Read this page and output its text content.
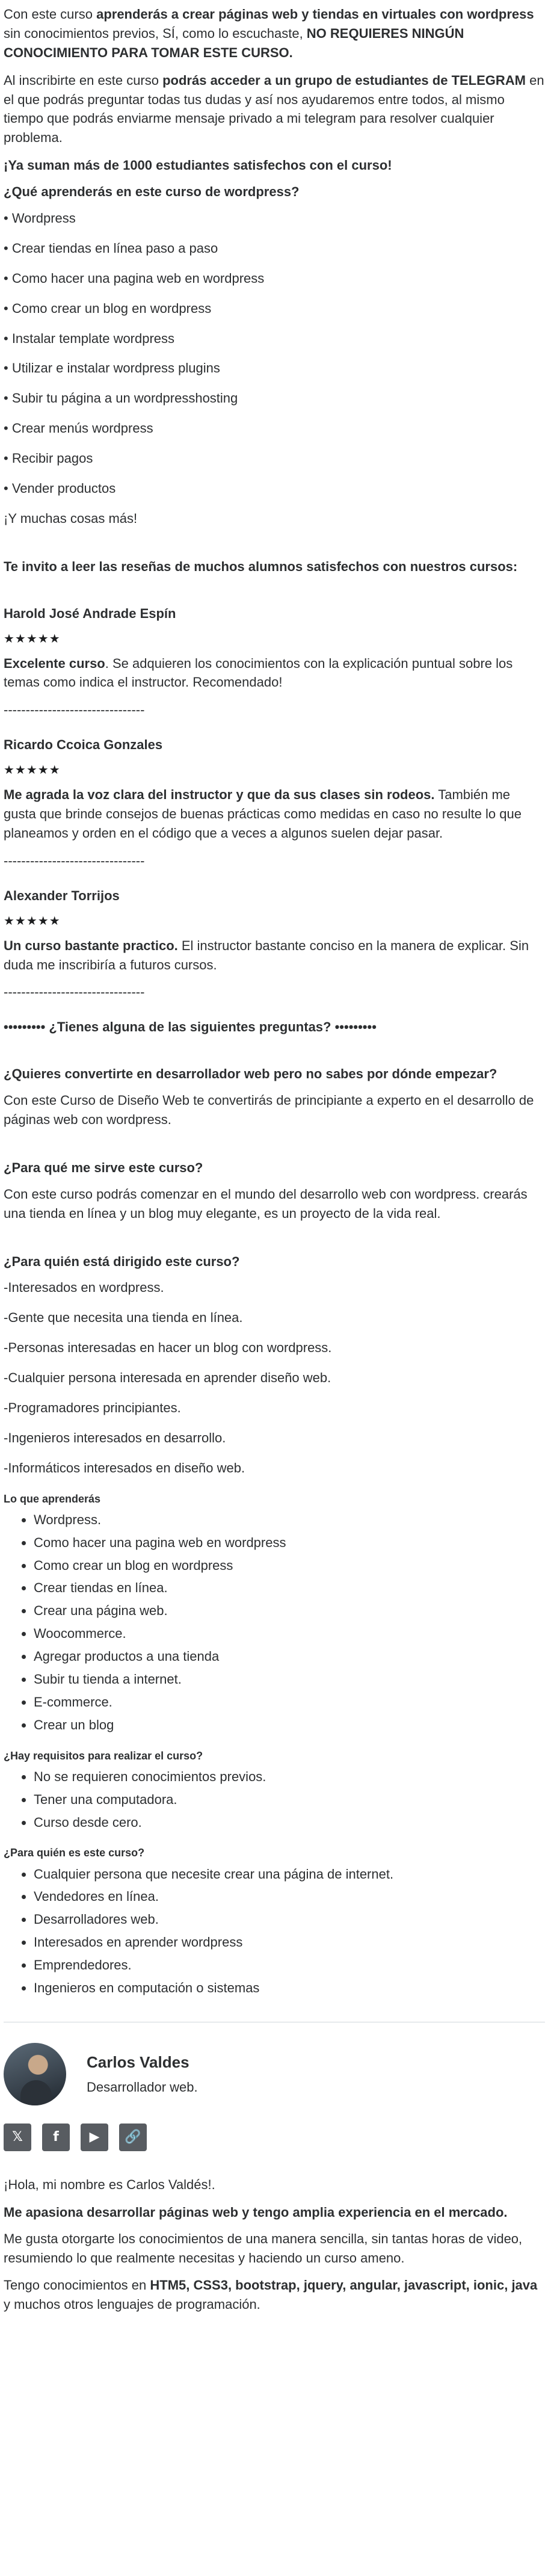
Con este curso aprenderás a crear páginas web y tiendas en virtuales con wordpress sin conocimientos previos, SÍ, como lo escuchaste, NO REQUIERES NINGÚN CONOCIMIENTO PARA TOMAR ESTE CURSO.

Al inscribirte en este curso podrás acceder a un grupo de estudiantes de TELEGRAM en el que podrás preguntar todas tus dudas y así nos ayudaremos entre todos, al mismo tiempo que podrás enviarme mensaje privado a mi telegram para resolver cualquier problema.

¡Ya suman más de 1000 estudiantes satisfechos con el curso!

¿Qué aprenderás en este curso de wordpress?

• Wordpress

• Crear tiendas en línea paso a paso

• Como hacer una pagina web en wordpress

• Como crear un blog en wordpress

• Instalar template wordpress

• Utilizar e instalar wordpress plugins

• Subir tu página a un wordpresshosting

• Crear menús wordpress

• Recibir pagos

• Vender productos

¡Y muchas cosas más!

Te invito a leer las reseñas de muchos alumnos satisfechos con nuestros cursos:

Harold José Andrade Espín

★★★★★

Excelente curso. Se adquieren los conocimientos con la explicación puntual sobre los temas como indica el instructor. Recomendado!

--------------------------------

Ricardo Ccoica Gonzales

★★★★★

Me agrada la voz clara del instructor y que da sus clases sin rodeos. También me gusta que brinde consejos de buenas prácticas como medidas en caso no resulte lo que planeamos y orden en el código que a veces a algunos suelen dejar pasar.

--------------------------------

Alexander Torrijos

★★★★★

Un curso bastante practico. El instructor bastante conciso en la manera de explicar. Sin duda me inscribiría a futuros cursos.

--------------------------------

••••••••• ¿Tienes alguna de las siguientes preguntas? •••••••••

¿Quieres convertirte en desarrollador web pero no sabes por dónde empezar?

Con este Curso de Diseño Web te convertirás de principiante a experto en el desarrollo de páginas web con wordpress.

¿Para qué me sirve este curso?

Con este curso podrás comenzar en el mundo del desarrollo web con wordpress. crearás una tienda en línea y un blog muy elegante, es un proyecto de la vida real.

¿Para quién está dirigido este curso?

-Interesados en wordpress.

-Gente que necesita una tienda en línea.

-Personas interesadas en hacer un blog con wordpress.

-Cualquier persona interesada en aprender diseño web.

-Programadores principiantes.

-Ingenieros interesados en desarrollo.

-Informáticos interesados en diseño web.

Lo que aprenderás
• Wordpress.
• Como hacer una pagina web en wordpress
• Como crear un blog en wordpress
• Crear tiendas en línea.
• Crear una página web.
• Woocommerce.
• Agregar productos a una tienda
• Subir tu tienda a internet.
• E-commerce.
• Crear un blog
¿Hay requisitos para realizar el curso?
• No se requieren conocimientos previos.
• Tener una computadora.
• Curso desde cero.
¿Para quién es este curso?
• Cualquier persona que necesite crear una página de internet.
• Vendedores en línea.
• Desarrolladores web.
• Interesados en aprender wordpress
• Emprendedores.
• Ingenieros en computación o sistemas

Carlos Valdes

Desarrollador web.

𝕏	f	▶	🔗

¡Hola, mi nombre es Carlos Valdés!.

Me apasiona desarrollar páginas web y tengo amplia experiencia en el mercado.

Me gusta otorgarte los conocimientos de una manera sencilla, sin tantas horas de video, resumiendo lo que realmente necesitas y haciendo un curso ameno.

Tengo conocimientos en HTM5, CSS3, bootstrap, jquery, angular, javascript, ionic, java y muchos otros lenguajes de programación.
